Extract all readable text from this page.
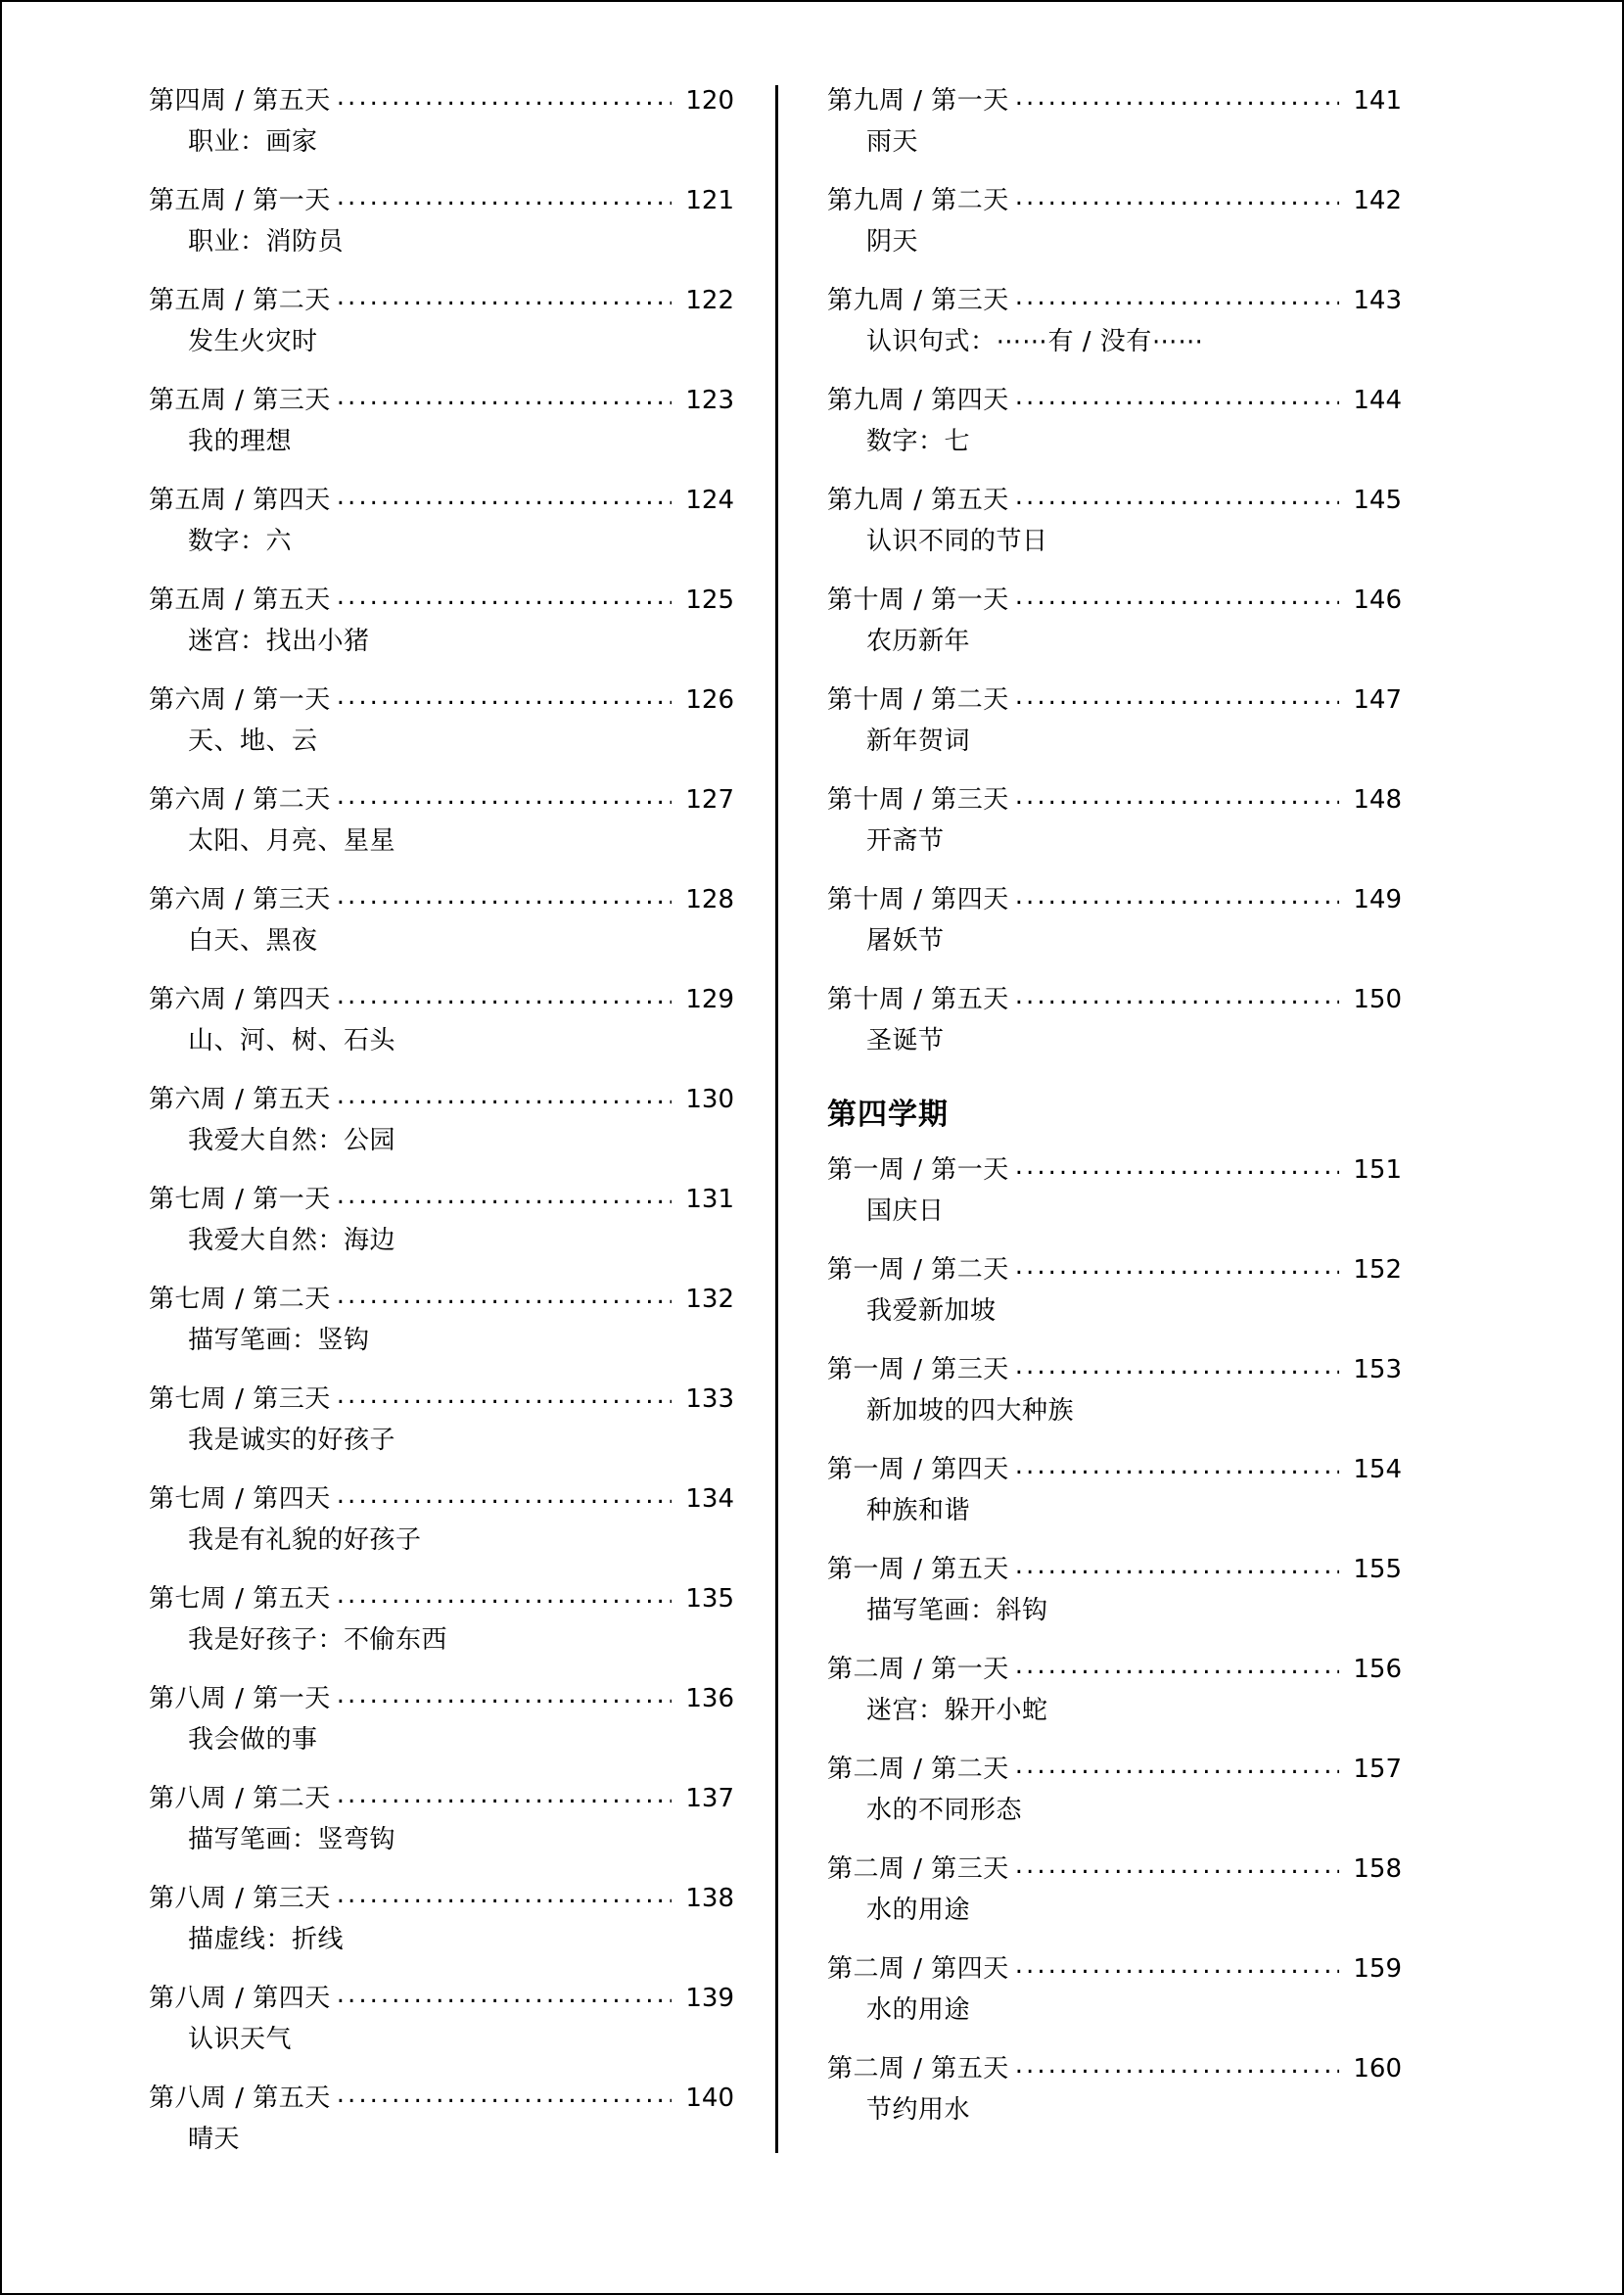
第四周 / 第五天 .....	120
职业：画家
第五周 / 第一天 .....	121
职业：消防员
第五周 / 第二天 .....	122
发生火灾时
第五周 / 第三天 .....	123
我的理想
第五周 / 第四天 .....	124
数字：六
第五周 / 第五天 .....	125
迷宫：找出小猪
第六周 / 第一天 .....	126
天、地、云
第六周 / 第二天 .....	127
太阳、月亮、星星
第六周 / 第三天 .....	128
白天、黑夜
第六周 / 第四天 .....	129
山、河、树、石头
第六周 / 第五天 .....	130
我爱大自然：公园
第七周 / 第一天 .....	131
我爱大自然：海边
第七周 / 第二天 .....	132
描写笔画：竖钩
第七周 / 第三天 .....	133
我是诚实的好孩子
第七周 / 第四天 .....	134
我是有礼貌的好孩子
第七周 / 第五天 .....	135
我是好孩子：不偷东西
第八周 / 第一天 .....	136
我会做的事
第八周 / 第二天 .....	137
描写笔画：竖弯钩
第八周 / 第三天 .....	138
描虚线：折线
第八周 / 第四天 .....	139
认识天气
第八周 / 第五天 .....	140
晴天
第九周 / 第一天 .....	141
雨天
第九周 / 第二天 .....	142
阴天
第九周 / 第三天 .....	143
认识句式：⋯⋯有 / 没有⋯⋯
第九周 / 第四天 .....	144
数字：七
第九周 / 第五天 .....	145
认识不同的节日
第十周 / 第一天 .....	146
农历新年
第十周 / 第二天 .....	147
新年贺词
第十周 / 第三天 .....	148
开斋节
第十周 / 第四天 .....	149
屠妖节
第十周 / 第五天 .....	150
圣诞节
第四学期
第一周 / 第一天 .....	151
国庆日
第一周 / 第二天 .....	152
我爱新加坡
第一周 / 第三天 .....	153
新加坡的四大种族
第一周 / 第四天 .....	154
种族和谐
第一周 / 第五天 .....	155
描写笔画：斜钩
第二周 / 第一天 .....	156
迷宫：躲开小蛇
第二周 / 第二天 .....	157
水的不同形态
第二周 / 第三天 .....	158
水的用途
第二周 / 第四天 .....	159
水的用途
第二周 / 第五天 .....	160
节约用水
